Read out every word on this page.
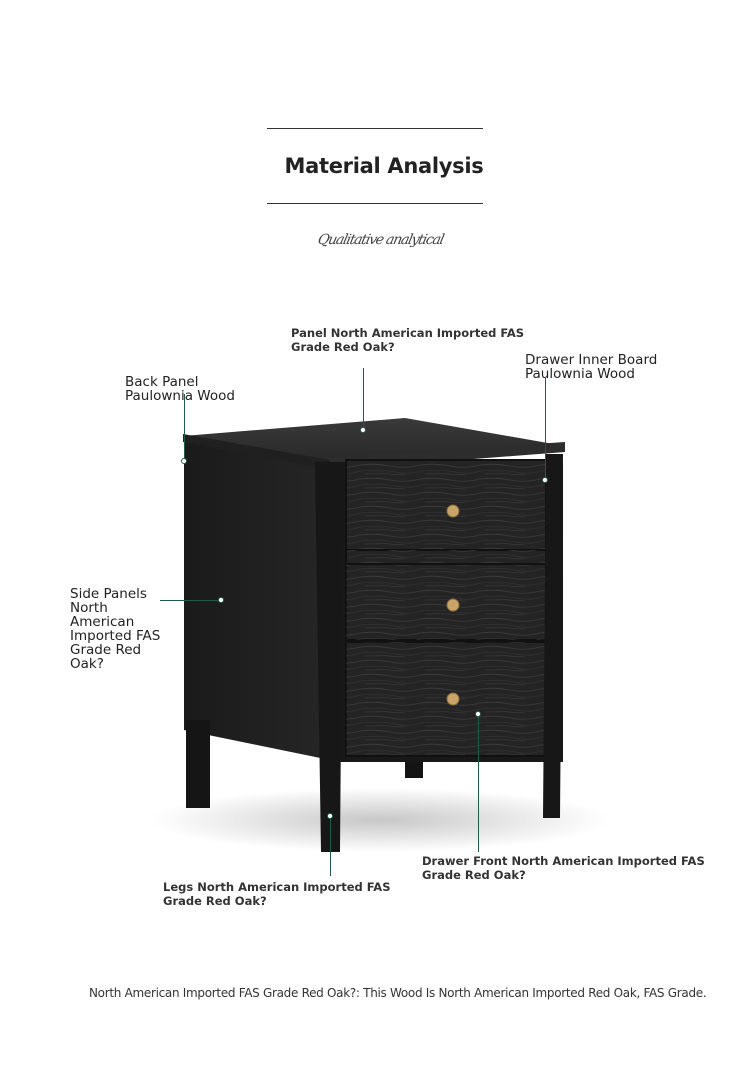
Material Analysis
Qualitative analytical
Panel North American Imported FAS
Grade Red Oak?
Back Panel
Paulownia Wood
Drawer Inner Board
Paulownia Wood
Side Panels
North
American
Imported FAS
Grade Red
Oak?
Drawer Front North American Imported FAS
Grade Red Oak?
Legs North American Imported FAS
Grade Red Oak?
North American Imported FAS Grade Red Oak?: This Wood Is North American Imported Red Oak, FAS Grade.
